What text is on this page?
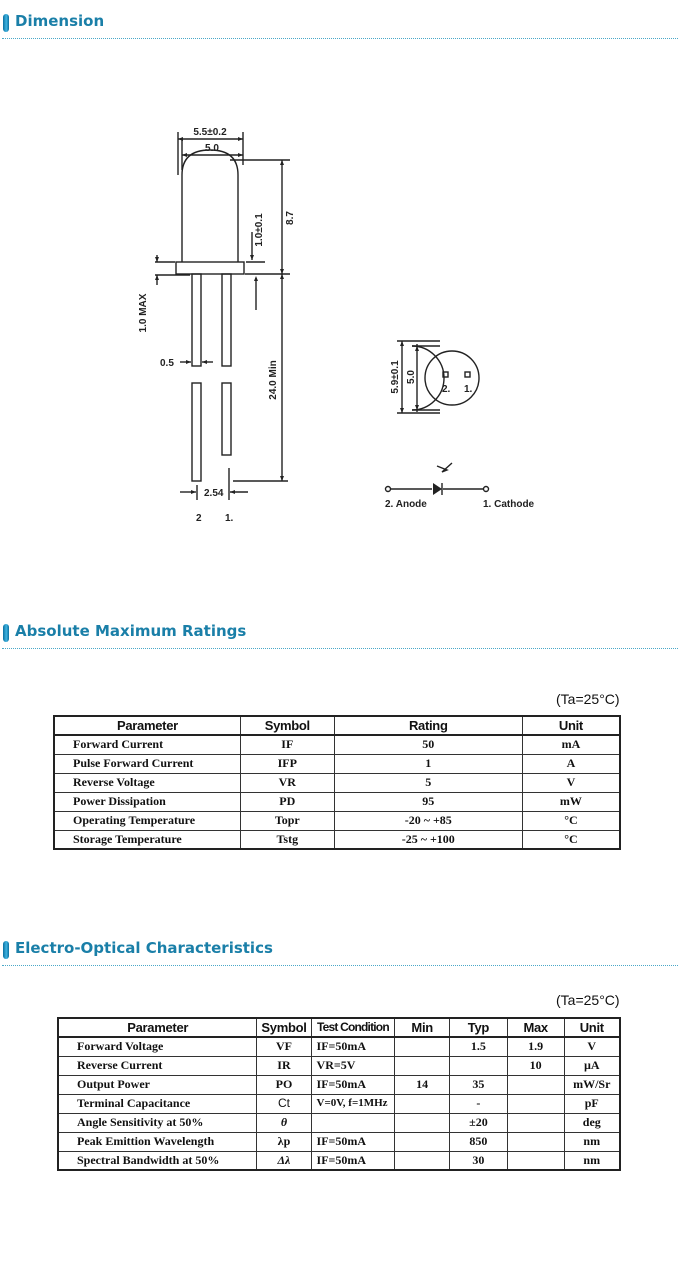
Dimension
5.5±0.2
5.0
1.0±0.1 8.7
1.0 MAX
0.5	24.0 Min
2.54
2 1.
5.9±0.1 5.0
2. 1.
2. Anode	1. Cathode
Absolute Maximum Ratings
(Ta=25°C)
Parameter	Symbol	Rating	Unit
Forward Current	IF	50	mA
Pulse Forward Current	IFP	1	A
Reverse Voltage	VR	5	V
Power Dissipation	PD	95	mW
Operating Temperature	Topr	-20 ~ +85	°C
Storage Temperature	Tstg	-25 ~ +100	°C
Electro-Optical Characteristics
(Ta=25°C)
Parameter	Symbol	Test Condition	Min	Typ	Max	Unit
Forward Voltage	VF	IF=50mA		1.5	1.9	V
Reverse Current	IR	VR=5V			10	µA
Output Power	PO	IF=50mA	14	35		mW/Sr
Terminal Capacitance	Ct	V=0V, f=1MHz		-		pF
Angle Sensitivity at 50%	θ			±20		deg
Peak Emittion Wavelength	λp	IF=50mA		850		nm
Spectral Bandwidth at 50%	Δλ	IF=50mA		30		nm
